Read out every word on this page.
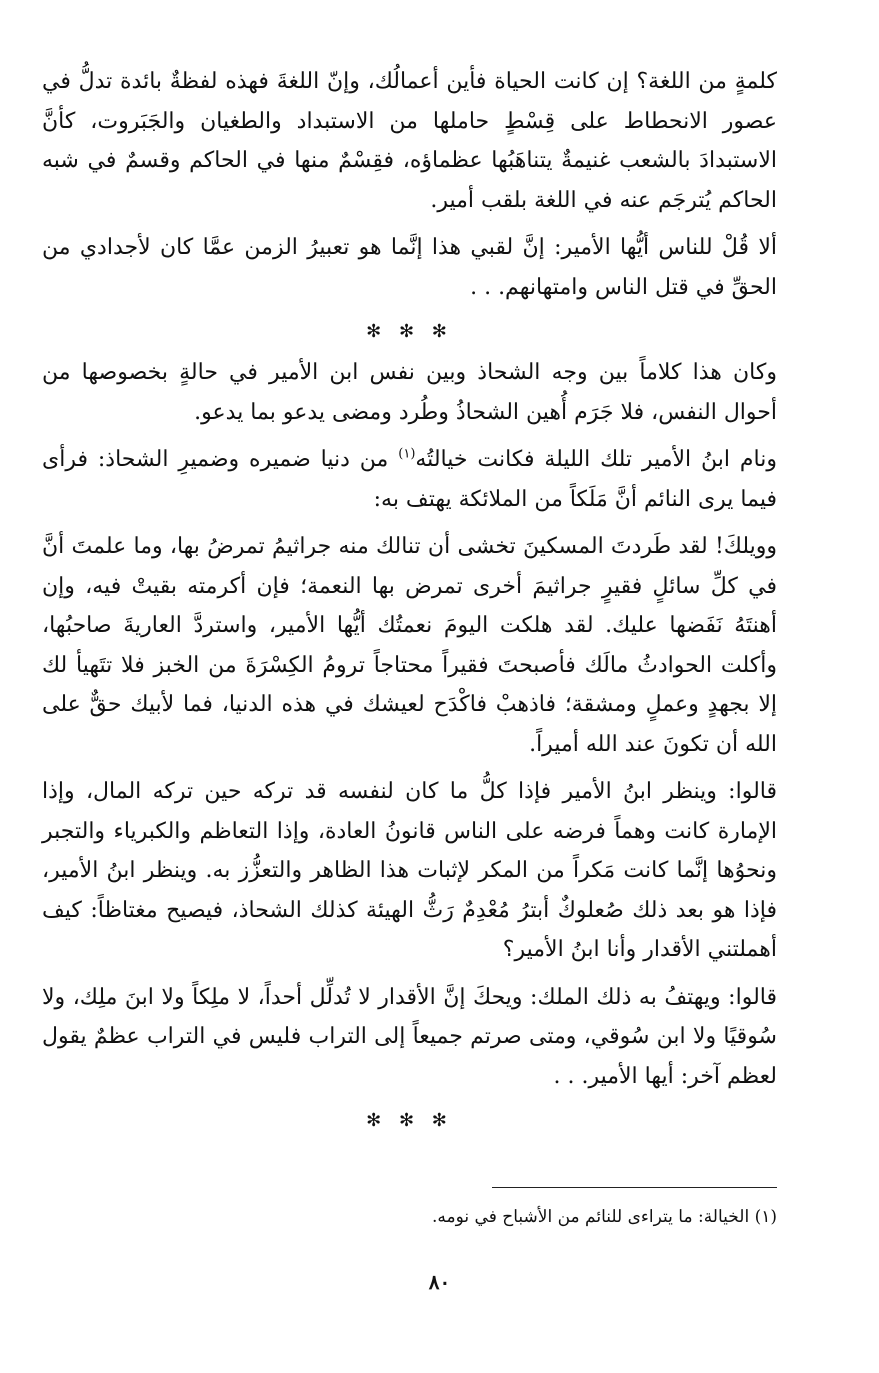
كلمةٍ من اللغة؟ إن كانت الحياة فأين أعمالُك، وإنّ اللغةَ فهذه لفظةٌ بائدة تدلُّ في عصور الانحطاط على قِسْطٍ حاملها من الاستبداد والطغيان والجَبَروت، كأنَّ الاستبدادَ بالشعب غنيمةٌ يتناهَبُها عظماؤه، فقِسْمٌ منها في الحاكم وقسمٌ في شبه الحاكم يُترجَم عنه في اللغة بلقب أمير.

ألا قُلْ للناس أيُّها الأمير: إنَّ لقبي هذا إنَّما هو تعبيرُ الزمن عمَّا كان لأجدادي من الحقِّ في قتل الناس وامتهانهم. . .

✻ ✻ ✻

وكان هذا كلاماً بين وجه الشحاذ وبين نفس ابن الأمير في حالةٍ بخصوصها من أحوال النفس، فلا جَرَم أُهين الشحاذُ وطُرد ومضى يدعو بما يدعو.

ونام ابنُ الأمير تلك الليلة فكانت خيالتُه$^{(١)}$ من دنيا ضميره وضميرِ الشحاذ: فرأى فيما يرى النائم أنَّ مَلَكاً من الملائكة يهتف به:

وويلكَ! لقد طَردتَ المسكينَ تخشى أن تنالك منه جراثيمُ تمرضُ بها، وما علمتَ أنَّ في كلِّ سائلٍ فقيرٍ جراثيمَ أخرى تمرض بها النعمة؛ فإن أكرمته بقيتْ فيه، وإن أهنتَهُ نَفَضها عليك. لقد هلكت اليومَ نعمتُك أيُّها الأمير، واستردَّ العاريةَ صاحبُها، وأكلت الحوادثُ مالَك فأصبحتَ فقيراً محتاجاً ترومُ الكِسْرَةَ من الخبز فلا تتَهيأ لك إلا بجهدٍ وعملٍ ومشقة؛ فاذهبْ فاكْدَح لعيشك في هذه الدنيا، فما لأبيك حقٌّ على الله أن تكونَ عند الله أميراً.

قالوا: وينظر ابنُ الأمير فإذا كلُّ ما كان لنفسه قد تركه حين تركه المال، وإذا الإمارة كانت وهماً فرضه على الناس قانونُ العادة، وإذا التعاظم والكبرياء والتجبر ونحوُها إنَّما كانت مَكراً من المكر لإثبات هذا الظاهر والتعزُّز به. وينظر ابنُ الأمير، فإذا هو بعد ذلك صُعلوكٌ أبترُ مُعْدِمٌ رَثُّ الهيئة كذلك الشحاذ، فيصيح مغتاظاً: كيف أهملتني الأقدار وأنا ابنُ الأمير؟

قالوا: ويهتفُ به ذلك الملك: ويحكَ إنَّ الأقدار لا تُدلِّل أحداً، لا ملِكاً ولا ابنَ ملِك، ولا سُوقيًا ولا ابن سُوقي، ومتى صرتم جميعاً إلى التراب فليس في التراب عظمٌ يقول لعظم آخر: أيها الأمير. . .

✻ ✻ ✻
(١) الخيالة: ما يتراءى للنائم من الأشباح في نومه.
٨٠
